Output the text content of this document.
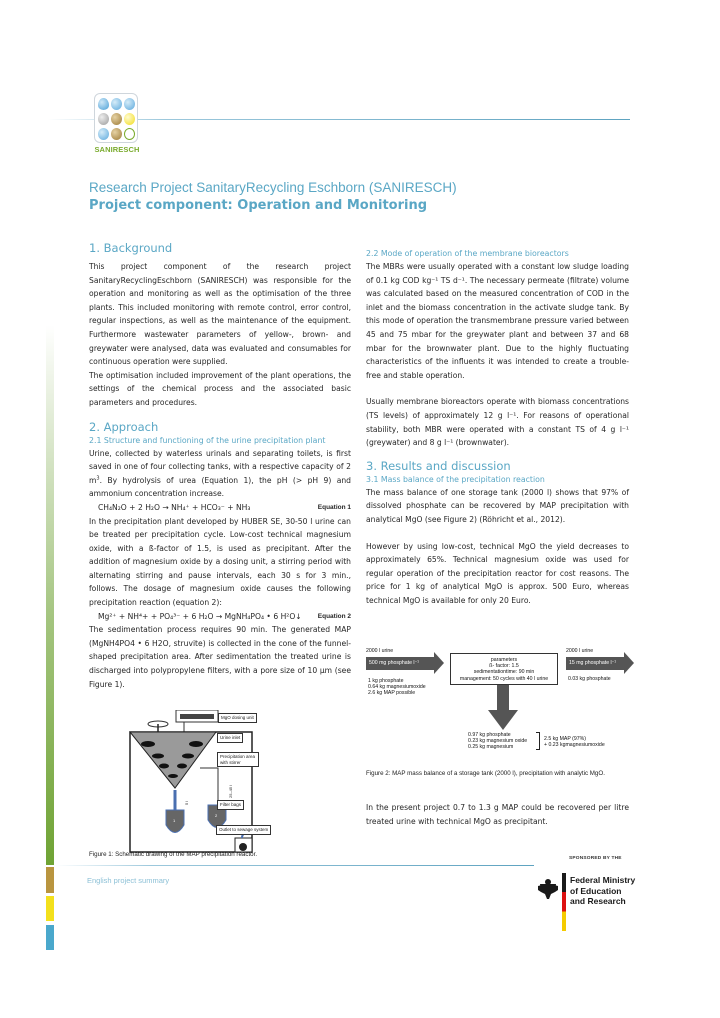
SANIRESCH
Research Project SanitaryRecycling Eschborn (SANIRESCH)
Project component: Operation and Monitoring
1. Background
This project component of the research project SanitaryRecyclingEschborn (SANIRESCH) was responsible for the operation and monitoring as well as the optimisation of the three plants. This included monitoring with remote control, error control, regular inspections, as well as the maintenance of the equipment. Furthermore wastewater parameters of yellow-, brown- and greywater were analysed, data was evaluated and consumables for continuous operation were supplied.
The optimisation included improvement of the plant operations, the settings of the chemical process and the associated basic parameters and procedures.
2. Approach
2.1 Structure and functioning of the urine precipitation plant
Urine, collected by waterless urinals and separating toilets, is first saved in one of four collecting tanks, with a respective capacity of 2 $m^3$. By hydrolysis of urea (Equation 1), the pH (> pH 9) and ammonium concentration increase.
CH₄N₂O + 2 H₂O → NH₄⁺ + HCO₃⁻ + NH₃	Equation 1
In the precipitation plant developed by HUBER SE, 30-50 l urine can be treated per precipitation cycle. Low-cost technical magnesium oxide, with a ß-factor of 1.5, is used as precipitant. After the addition of magnesium oxide by a dosing unit, a stirring period with alternating stirring and pause intervals, each 30 s for 3 min., follows. The dosage of magnesium oxide causes the following precipitation reaction (equation 2):
Mg²⁺ + NH⁴+ + PO₄³⁻ + 6 H₂O → MgNH₄PO₄ • 6 H²O↓ Equation 2
The sedimentation process requires 90 min. The generated MAP (MgNH4PO4 • 6 H2O, struvite) is collected in the cone of the funnel-shaped precipitation area. After sedimentation the treated urine is discharged into polypropylene filters, with a pore size of 10 µm (see Figure 1).
1
2
5 l
25–45 l
MgO dosing unit
Urine inlet
Precipitation area with stirrer
Filter bags
Outlet to sewage system
Figure 1: Schematic drawing of the MAP precipitation reactor.
2.2 Mode of operation of the membrane bioreactors
The MBRs were usually operated with a constant low sludge loading of 0.1 kg COD kg⁻¹ TS d⁻¹. The necessary permeate (filtrate) volume was calculated based on the measured concentration of COD in the inlet and the biomass concentration in the activate sludge tank. By this mode of operation the transmembrane pressure varied between 45 and 75 mbar for the greywater plant and between 37 and 68 mbar for the brownwater plant. Due to the highly fluctuating characteristics of the influents it was intended to create a trouble-free and stable operation.
Usually membrane bioreactors operate with biomass concentrations (TS levels) of approximately 12 g l⁻¹. For reasons of operational stability, both MBR were operated with a constant TS of 4 g l⁻¹ (greywater) and 8 g l⁻¹ (brownwater).
3. Results and discussion
3.1 Mass balance of the precipitation reaction
The mass balance of one storage tank (2000 l) shows that 97% of dissolved phosphate can be recovered by MAP precipitation with analytical MgO (see Figure 2) (Röhricht et al., 2012).
However by using low-cost, technical MgO the yield decreases to approximately 65%. Technical magnesium oxide was used for regular operation of the precipitation reactor for cost reasons. The price for 1 kg of analytical MgO is approx. 500 Euro, whereas technical MgO is available for only 20 Euro.
2000 l urine
500 mg phosphate l⁻¹
1 kg phosphate
0.64 kg magnesiumoxide
2.6 kg MAP possible
parameters
ß- factor: 1.5
sedimentationtime: 90 min
management: 50 cycles with 40 l urine
2000 l urine
15 mg phosphate l⁻¹
0.03 kg phosphate
0.97 kg phosphate
0.23 kg magnesium oxide
0.25 kg magnesium
2.5 kg MAP (97%)
+ 0.23 kgmagnesiumoxide
Figure 2: MAP mass balance of a storage tank (2000 l), precipitation with analytic MgO.
In the present project 0.7 to 1.3 g MAP could be recovered per litre treated urine with technical MgO as precipitant.
English project summary
SPONSORED BY THE
Federal Ministry
of Education
and Research
